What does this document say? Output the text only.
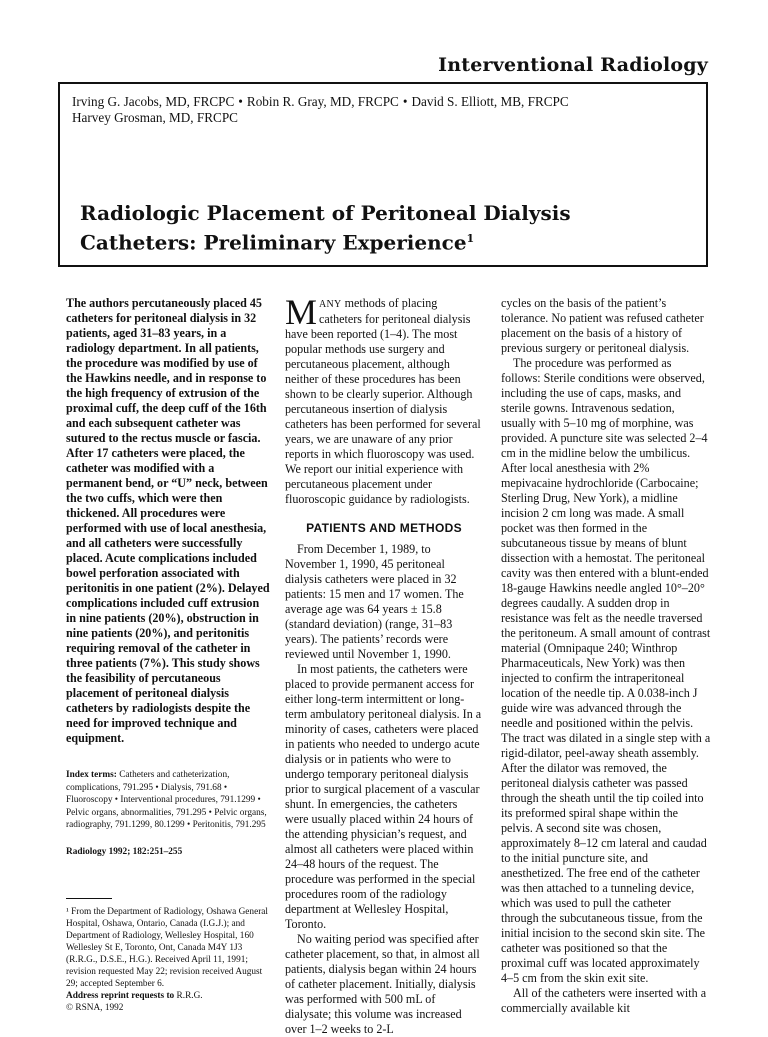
Interventional Radiology
Irving G. Jacobs, MD, FRCPC • Robin R. Gray, MD, FRCPC • David S. Elliott, MB, FRCPC
Harvey Grosman, MD, FRCPC
Radiologic Placement of Peritoneal Dialysis
Catheters: Preliminary Experience$^1$

The authors percutaneously placed 45 catheters for peritoneal dialysis in 32 patients, aged 31–83 years, in a radiology department. In all patients, the procedure was modified by use of the Hawkins needle, and in response to the high frequency of extrusion of the proximal cuff, the deep cuff of the 16th and each subsequent catheter was sutured to the rectus muscle or fascia. After 17 catheters were placed, the catheter was modified with a permanent bend, or “U” neck, between the two cuffs, which were then thickened. All procedures were performed with use of local anesthesia, and all catheters were successfully placed. Acute complications included bowel perforation associated with peritonitis in one patient (2%). Delayed complications included cuff extrusion in nine patients (20%), obstruction in nine patients (20%), and peritonitis requiring removal of the catheter in three patients (7%). This study shows the feasibility of percutaneous placement of peritoneal dialysis catheters by radiologists despite the need for improved technique and equipment.

Index terms: Catheters and catheterization, complications, 791.295 • Dialysis, 791.68 • Fluoroscopy • Interventional procedures, 791.1299 • Pelvic organs, abnormalities, 791.295 • Pelvic organs, radiography, 791.1299, 80.1299 • Peritonitis, 791.295

Radiology 1992; 182:251–255

¹ From the Department of Radiology, Oshawa General Hospital, Oshawa, Ontario, Canada (I.G.J.); and Department of Radiology, Wellesley Hospital, 160 Wellesley St E, Toronto, Ont, Canada M4Y 1J3 (R.R.G., D.S.E., H.G.). Received April 11, 1991; revision requested May 22; revision received August 29; accepted September 6.

Address reprint requests to R.R.G.

© RSNA, 1992

MANY methods of placing catheters for peritoneal dialysis have been reported (1–4). The most popular methods use surgery and percutaneous placement, although neither of these procedures has been shown to be clearly superior. Although percutaneous insertion of dialysis catheters has been performed for several years, we are unaware of any prior reports in which fluoroscopy was used. We report our initial experience with percutaneous placement under fluoroscopic guidance by radiologists.

PATIENTS AND METHODS

From December 1, 1989, to November 1, 1990, 45 peritoneal dialysis catheters were placed in 32 patients: 15 men and 17 women. The average age was 64 years ± 15.8 (standard deviation) (range, 31–83 years). The patients’ records were reviewed until November 1, 1990.

In most patients, the catheters were placed to provide permanent access for either long-term intermittent or long-term ambulatory peritoneal dialysis. In a minority of cases, catheters were placed in patients who needed to undergo acute dialysis or in patients who were to undergo temporary peritoneal dialysis prior to surgical placement of a vascular shunt. In emergencies, the catheters were usually placed within 24 hours of the attending physician’s request, and almost all catheters were placed within 24–48 hours of the request. The procedure was performed in the special procedures room of the radiology department at Wellesley Hospital, Toronto.

No waiting period was specified after catheter placement, so that, in almost all patients, dialysis began within 24 hours of catheter placement. Initially, dialysis was performed with 500 mL of dialysate; this volume was increased over 1–2 weeks to 2-L

cycles on the basis of the patient’s tolerance. No patient was refused catheter placement on the basis of a history of previous surgery or peritoneal dialysis.

The procedure was performed as follows: Sterile conditions were observed, including the use of caps, masks, and sterile gowns. Intravenous sedation, usually with 5–10 mg of morphine, was provided. A puncture site was selected 2–4 cm in the midline below the umbilicus. After local anesthesia with 2% mepivacaine hydrochloride (Carbocaine; Sterling Drug, New York), a midline incision 2 cm long was made. A small pocket was then formed in the subcutaneous tissue by means of blunt dissection with a hemostat. The peritoneal cavity was then entered with a blunt-ended 18-gauge Hawkins needle angled 10°–20° degrees caudally. A sudden drop in resistance was felt as the needle traversed the peritoneum. A small amount of contrast material (Omnipaque 240; Winthrop Pharmaceuticals, New York) was then injected to confirm the intraperitoneal location of the needle tip. A 0.038-inch J guide wire was advanced through the needle and positioned within the pelvis. The tract was dilated in a single step with a rigid-dilator, peel-away sheath assembly. After the dilator was removed, the peritoneal dialysis catheter was passed through the sheath until the tip coiled into its preformed spiral shape within the pelvis. A second site was chosen, approximately 8–12 cm lateral and caudad to the initial puncture site, and anesthetized. The free end of the catheter was then attached to a tunneling device, which was used to pull the catheter through the subcutaneous tissue, from the initial incision to the second skin site. The catheter was positioned so that the proximal cuff was located approximately 4–5 cm from the skin exit site.

All of the catheters were inserted with a commercially available kit
